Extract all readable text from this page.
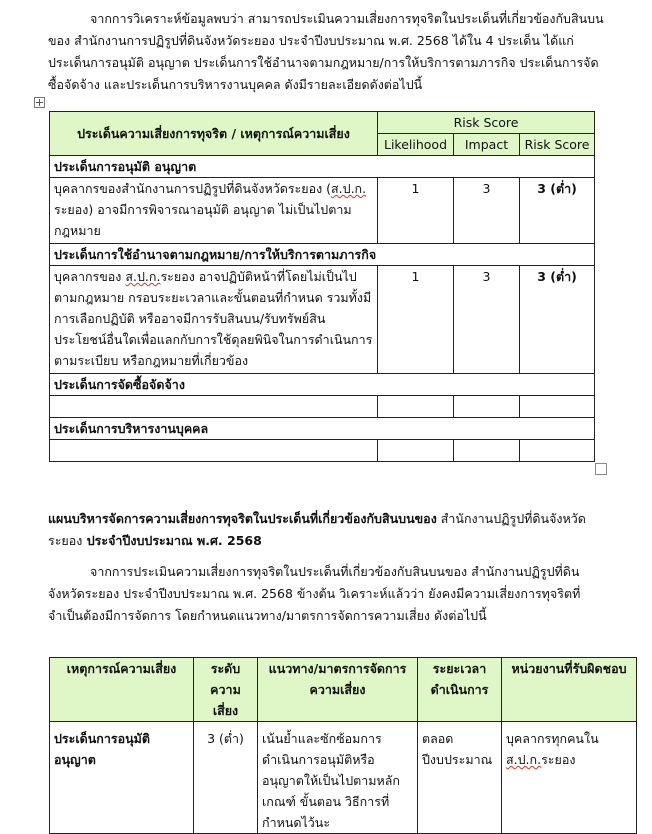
จากการวิเคราะห์ข้อมูลพบว่า สามารถประเมินความเสี่ยงการทุจริตในประเด็นที่เกี่ยวข้องกับสินบน ของ สำนักงานการปฏิรูปที่ดินจังหวัดระยอง ประจำปีงบประมาณ พ.ศ. 2568 ได้ใน 4 ประเด็น ได้แก่ ประเด็นการอนุมัติ อนุญาต ประเด็นการใช้อำนาจตามกฎหมาย/การให้บริการตามภารกิจ ประเด็นการจัดซื้อจัดจ้าง และประเด็นการบริหารงานบุคคล ดังมีรายละเอียดดังต่อไปนี้
ประเด็นความเสี่ยงการทุจริต / เหตุการณ์ความเสี่ยง	Risk Score		
	Likelihood	Impact	Risk Score
ประเด็นการอนุมัติ อนุญาต			
บุคลากรของสำนักงานการปฏิรูปที่ดินจังหวัดระยอง (ส.ป.ก. ระยอง) อาจมีการพิจารณาอนุมัติ อนุญาต ไม่เป็นไปตามกฎหมาย	1	3	3 (ต่ำ)
ประเด็นการใช้อำนาจตามกฎหมาย/การให้บริการตามภารกิจ			
บุคลากรของ ส.ป.ก.ระยอง อาจปฏิบัติหน้าที่โดยไม่เป็นไปตามกฎหมาย กรอบระยะเวลาและขั้นตอนที่กำหนด รวมทั้งมีการเลือกปฏิบัติ หรืออาจมีการรับสินบน/รับทรัพย์สินประโยชน์อื่นใดเพื่อแลกกับการใช้ดุลยพินิจในการดำเนินการตามระเบียบ หรือกฎหมายที่เกี่ยวข้อง	1	3	3 (ต่ำ)
ประเด็นการจัดซื้อจัดจ้าง			

ประเด็นการบริหารงานบุคคล			

แผนบริหารจัดการความเสี่ยงการทุจริตในประเด็นที่เกี่ยวข้องกับสินบนของ สำนักงานปฏิรูปที่ดินจังหวัดระยอง ประจำปีงบประมาณ พ.ศ. 2568
จากการประเมินความเสี่ยงการทุจริตในประเด็นที่เกี่ยวข้องกับสินบนของ สำนักงานปฏิรูปที่ดินจังหวัดระยอง ประจำปีงบประมาณ พ.ศ. 2568 ข้างต้น วิเคราะห์แล้วว่า ยังคงมีความเสี่ยงการทุจริตที่จำเป็นต้องมีการจัดการ โดยกำหนดแนวทาง/มาตรการจัดการความเสี่ยง ดังต่อไปนี้
เหตุการณ์ความเสี่ยง	ระดับความเสี่ยง	แนวทาง/มาตรการจัดการความเสี่ยง	ระยะเวลาดำเนินการ	หน่วยงานที่รับผิดชอบ
ประเด็นการอนุมัติ อนุญาต	3 (ต่ำ)	เน้นย้ำและซักซ้อมการดำเนินการอนุมัติหรืออนุญาตให้เป็นไปตามหลักเกณฑ์ ขั้นตอน วิธีการที่กำหนดไว้นะ	ตลอดปีงบประมาณ	บุคลากรทุกคนใน ส.ป.ก.ระยอง
